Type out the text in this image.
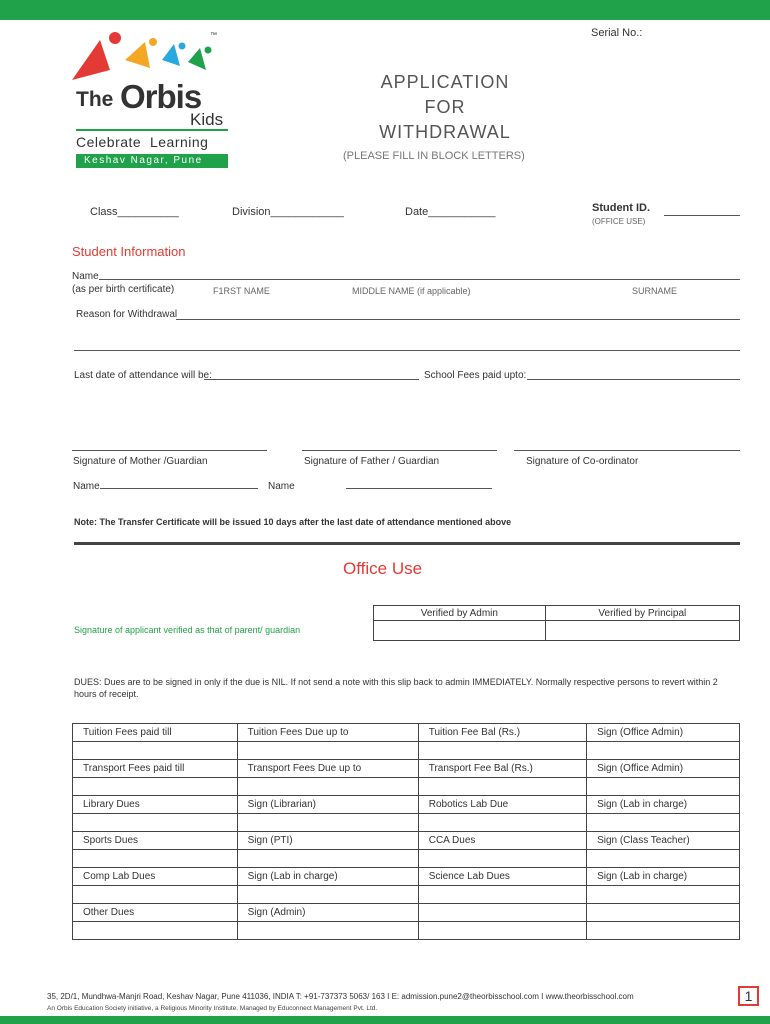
™
The Orbis
Kids
Celebrate  Learning
Keshav Nagar, Pune
Serial No.:
APPLICATION
FOR
WITHDRAWAL
(PLEASE FILL IN BLOCK LETTERS)
Class__________	Division____________	Date___________	Student ID.
(OFFICE USE)
Student Information
Name
(as per birth certificate)	F1RST NAME	MIDDLE NAME (if applicable)	SURNAME
Reason for Withdrawal
Last date of attendance will be:	School Fees paid upto:
Signature of Mother /Guardian	Signature of Father / Guardian	Signature of Co-ordinator
Name	Name
Note: The Transfer Certificate will be issued 10 days after the last date of attendance mentioned above
Office Use
Verified by Admin	Verified by Principal

Signature of applicant verified as that of parent/ guardian
DUES: Dues are to be signed in only if the due is NIL. If not send a note with this slip back to admin IMMEDIATELY. Normally respective persons to revert within 2 hours of receipt.
Tuition Fees paid till	Tuition Fees Due up to	Tuition Fee Bal (Rs.)	Sign (Office Admin)

Transport Fees paid till	Transport Fees Due up to	Transport Fee Bal (Rs.)	Sign (Office Admin)

Library Dues	Sign (Librarian)	Robotics Lab Due	Sign (Lab in charge)

Sports Dues	Sign (PTI)	CCA Dues	Sign (Class Teacher)

Comp Lab Dues	Sign (Lab in charge)	Science Lab Dues	Sign (Lab in charge)

Other Dues	Sign (Admin)		

35, 2D/1, Mundhwa-Manjri Road, Keshav Nagar, Pune 411036, INDIA T: +91-737373 5063/ 163 I E: admission.pune2@theorbisschool.com I www.theorbisschool.com
An Orbis Education Society initiative, a Religious Minority Institute. Managed by Educonnect Management Pvt. Ltd.
1
